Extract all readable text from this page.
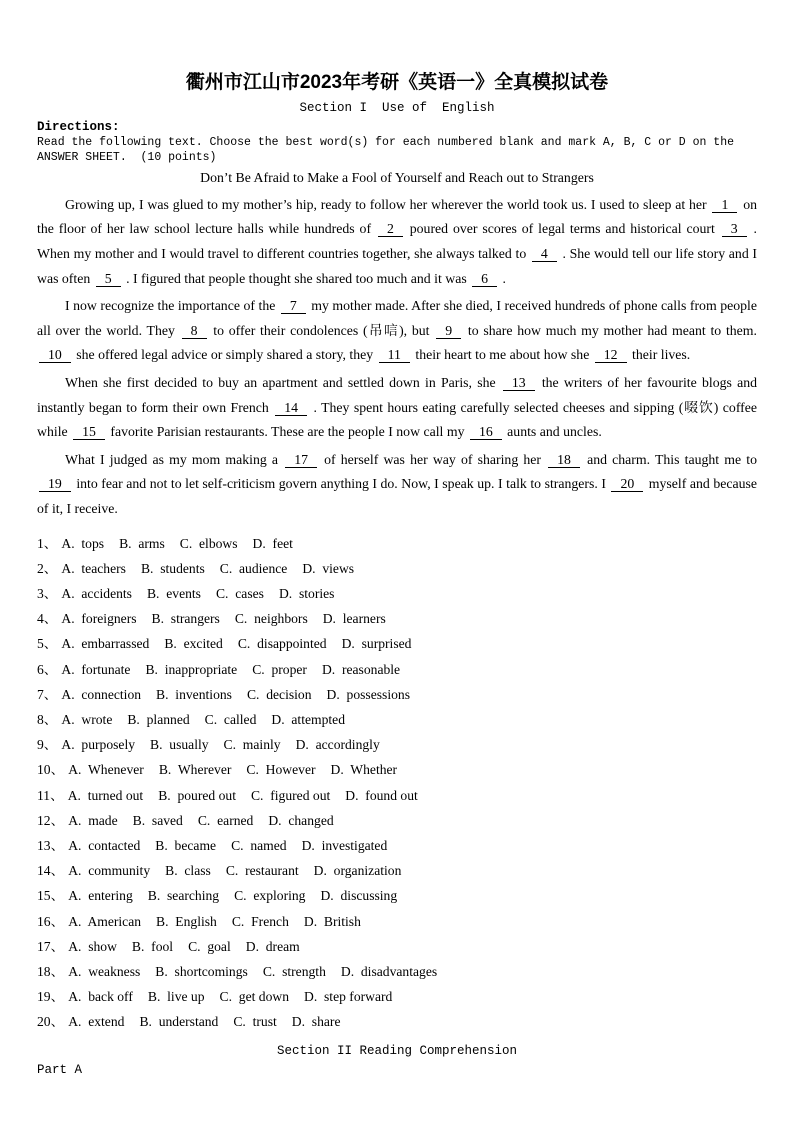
衢州市江山市2023年考研《英语一》全真模拟试卷
Section I  Use of  English
Directions:
Read the following text. Choose the best word(s) for each numbered blank and mark A, B, C or D on the ANSWER SHEET.  (10 points)
Don’t Be Afraid to Make a Fool of Yourself and Reach out to Strangers
Growing up, I was glued to my mother’s hip, ready to follow her wherever the world took us. I used to sleep at her 1 on the floor of her law school lecture halls while hundreds of 2 poured over scores of legal terms and historical court 3 . When my mother and I would travel to different countries together, she always talked to 4 . She would tell our life story and I was often 5 . I figured that people thought she shared too much and it was 6 .
I now recognize the importance of the 7 my mother made. After she died, I received hundreds of phone calls from people all over the world. They 8 to offer their condolences (吊唁), but 9 to share how much my mother had meant to them. 10 she offered legal advice or simply shared a story, they 11 their heart to me about how she 12 their lives.
When she first decided to buy an apartment and settled down in Paris, she 13 the writers of her favourite blogs and instantly began to form their own French 14 . They spent hours eating carefully selected cheeses and sipping (啜饮) coffee while 15 favorite Parisian restaurants. These are the people I now call my 16 aunts and uncles.
What I judged as my mom making a 17 of herself was her way of sharing her 18 and charm. This taught me to 19 into fear and not to let self-criticism govern anything I do. Now, I speak up. I talk to strangers. I 20 myself and because of it, I receive.
1、 A.  tops B.  arms C.  elbows D.  feet
2、 A.  teachers B.  students C.  audience D.  views
3、 A.  accidents B.  events C.  cases D.  stories
4、 A.  foreigners B.  strangers C.  neighbors D.  learners
5、 A.  embarrassed B.  excited C.  disappointed D.  surprised
6、 A.  fortunate B.  inappropriate C.  proper D.  reasonable
7、 A.  connection B.  inventions C.  decision D.  possessions
8、 A.  wrote B.  planned C.  called D.  attempted
9、 A.  purposely B.  usually C.  mainly D.  accordingly
10、 A.  Whenever B.  Wherever C.  However D.  Whether
11、 A.  turned out B.  poured out C.  figured out D.  found out
12、 A.  made B.  saved C.  earned D.  changed
13、 A.  contacted B.  became C.  named D.  investigated
14、 A.  community B.  class C.  restaurant D.  organization
15、 A.  entering B.  searching C.  exploring D.  discussing
16、 A.  American B.  English C.  French D.  British
17、 A.  show B.  fool C.  goal D.  dream
18、 A.  weakness B.  shortcomings C.  strength D.  disadvantages
19、 A.  back off B.  live up C.  get down D.  step forward
20、 A.  extend B.  understand C.  trust D.  share
Section II Reading Comprehension
Part A
